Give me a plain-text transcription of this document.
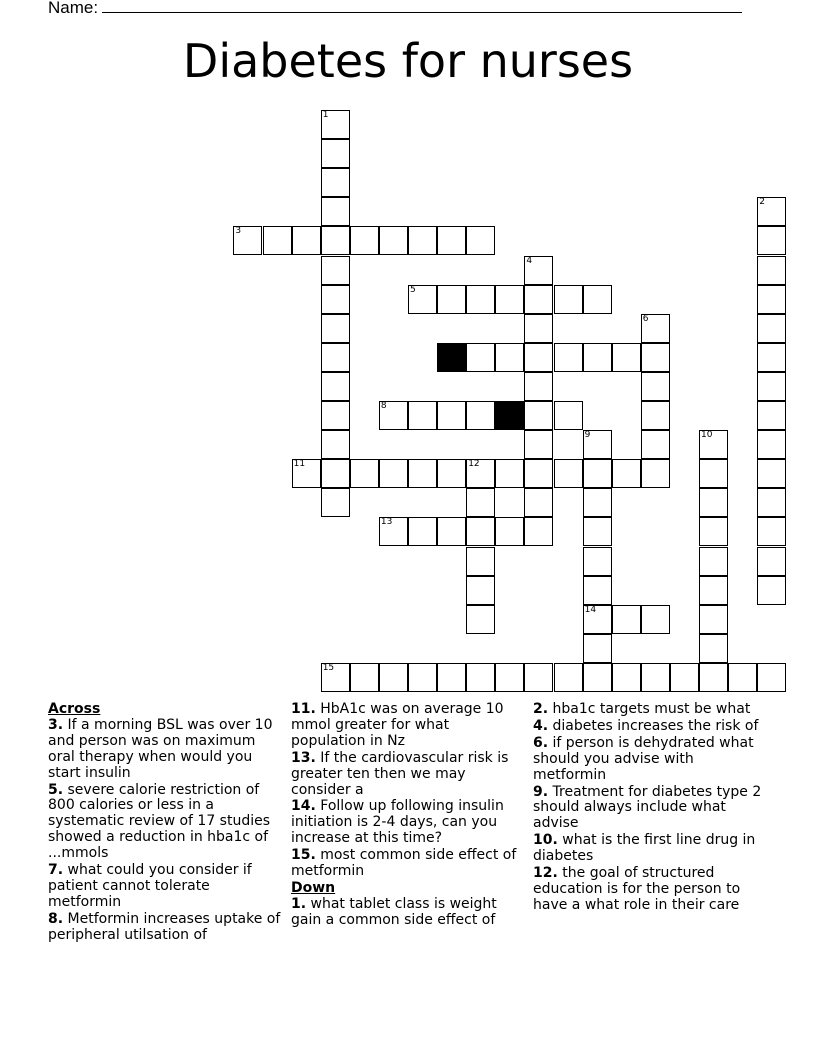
Name:
Diabetes for nurses
1
2
3
4
5
6
8
9
14
10
11	12
13
15
Across
3. If a morning BSL was over 10 and person was on maximum oral therapy when would you start insulin
5. severe calorie restriction of 800 calories or less in a systematic review of 17 studies showed a reduction in hba1c of ...mmols
7. what could you consider if patient cannot tolerate metformin
8. Metformin increases uptake of peripheral utilsation of
11. HbA1c was on average 10 mmol greater for what population in Nz
13. If the cardiovascular risk is greater ten then we may consider a
14. Follow up following insulin initiation is 2-4 days, can you increase at this time?
15. most common side effect of metformin
Down
1. what tablet class is weight gain a common side effect of
2. hba1c targets must be what
4. diabetes increases the risk of
6. if person is dehydrated what should you advise with metformin
9. Treatment for diabetes type 2 should always include what advise
10. what is the first line drug in diabetes
12. the goal of structured education is for the person to have a what role in their care
